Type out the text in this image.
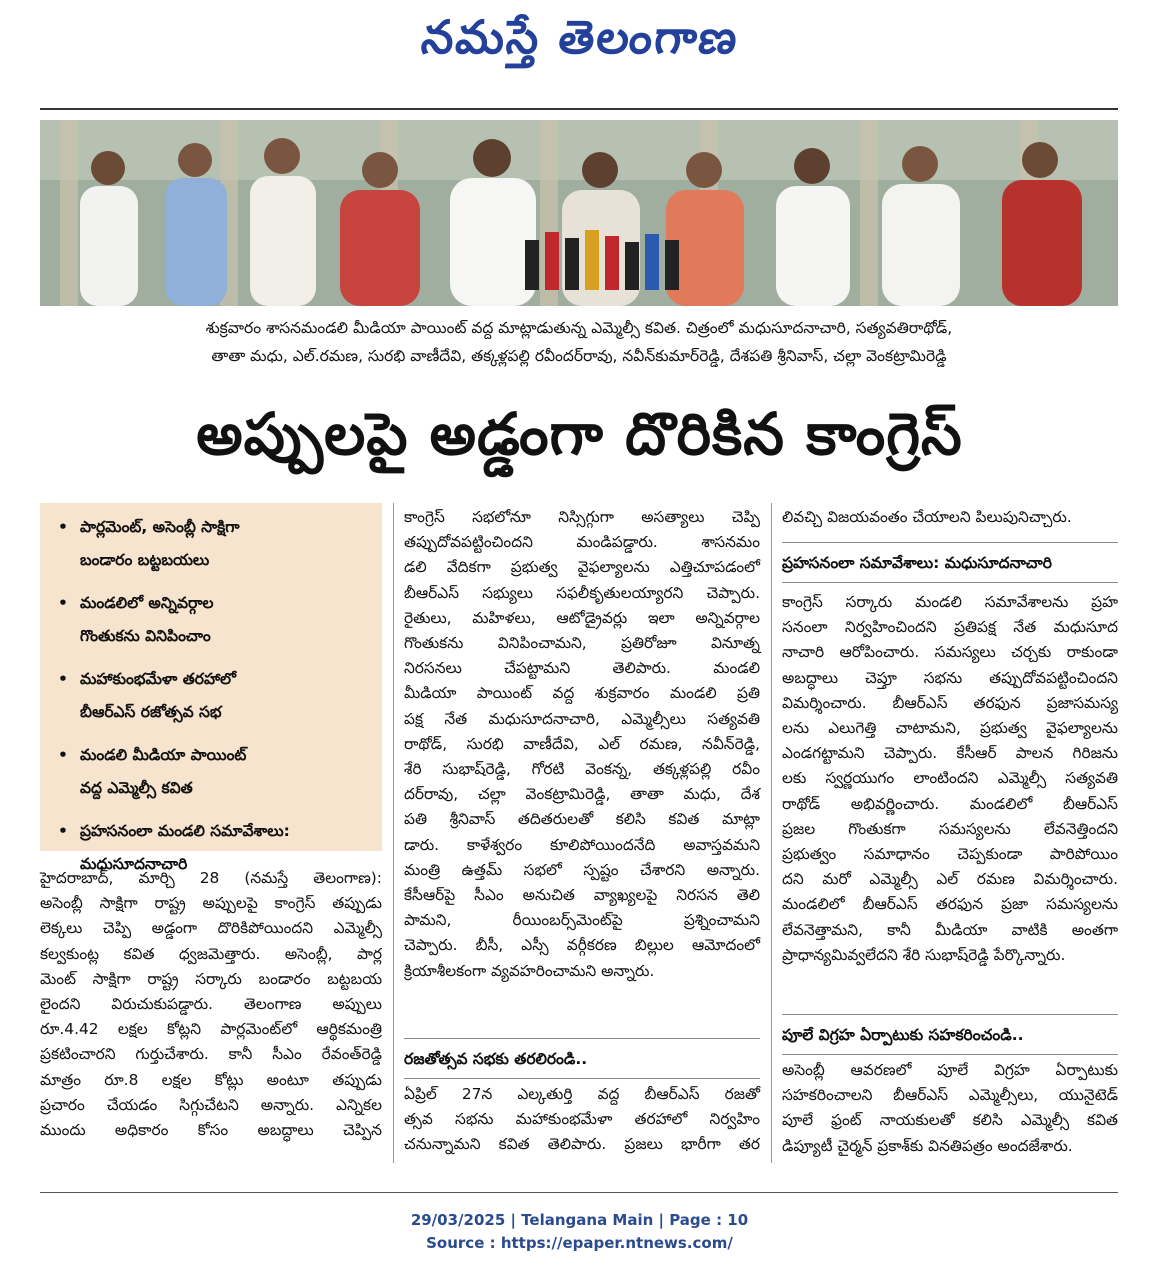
నమస్తే తెలంగాణ
శుక్రవారం శాసనమండలి మీడియా పాయింట్ వద్ద మాట్లాడుతున్న ఎమ్మెల్సీ కవిత. చిత్రంలో మధుసూదనాచారి, సత్యవతిరాథోడ్,
తాతా మధు, ఎల్.రమణ, సురభి వాణీదేవి, తక్కళ్లపల్లి రవీందర్‌రావు, నవీన్‌కుమార్‌రెడ్డి, దేశపతి శ్రీనివాస్, చల్లా వెంకట్రామిరెడ్డి
అప్పులపై అడ్డంగా దొరికిన కాంగ్రెస్
• పార్లమెంట్, అసెంబ్లీ సాక్షిగా
బండారం బట్టబయలు
• మండలిలో అన్నివర్గాల
గొంతుకను వినిపించాం
• మహాకుంభమేళా తరహాలో
బీఆర్‌ఎస్ రజోత్సవ సభ
• మండలి మీడియా పాయింట్
వద్ద ఎమ్మెల్సీ కవిత
• ప్రహసనంలా మండలి సమావేశాలు:
మధుసూదనాచారి
హైదరాబాద్, మార్చి 28 (నమస్తే తెలంగాణ):
అసెంబ్లీ సాక్షిగా రాష్ట్ర అప్పులపై కాంగ్రెస్ తప్పుడు
లెక్కలు చెప్పి అడ్డంగా దొరికిపోయిందని ఎమ్మెల్సీ
కల్వకుంట్ల కవిత ధ్వజమెత్తారు. అసెంబ్లీ, పార్ల
మెంట్ సాక్షిగా రాష్ట్ర సర్కారు బండారం బట్టబయ
లైందని విరుచుకుపడ్డారు. తెలంగాణ అప్పులు
రూ.4.42 లక్షల కోట్లని పార్లమెంట్‌లో ఆర్థికమంత్రి
ప్రకటించారని గుర్తుచేశారు. కానీ సీఎం రేవంత్‌రెడ్డి
మాత్రం రూ.8 లక్షల కోట్లు అంటూ తప్పుడు
ప్రచారం చేయడం సిగ్గుచేటని అన్నారు. ఎన్నికల
ముందు అధికారం కోసం అబద్ధాలు చెప్పిన
కాంగ్రెస్ సభలోనూ నిస్సిగ్గుగా అసత్యాలు చెప్పి
తప్పుదోవపట్టించిందని మండిపడ్డారు. శాసనమం
డలి వేదికగా ప్రభుత్వ వైఫల్యాలను ఎత్తిచూపడంలో
బీఆర్‌ఎస్ సభ్యులు సఫలీకృతులయ్యారని చెప్పారు.
రైతులు, మహిళలు, ఆటోడ్రైవర్లు ఇలా అన్నివర్గాల
గొంతుకను వినిపించామని, ప్రతిరోజూ వినూత్న
నిరసనలు చేపట్టామని తెలిపారు. మండలి
మీడియా పాయింట్ వద్ద శుక్రవారం మండలి ప్రతి
పక్ష నేత మధుసూదనాచారి, ఎమ్మెల్సీలు సత్యవతి
రాథోడ్, సురభి వాణీదేవి, ఎల్ రమణ, నవీన్‌రెడ్డి,
శేరి సుభాష్‌రెడ్డి, గోరటి వెంకన్న, తక్కళ్లపల్లి రవీం
దర్‌రావు, చల్లా వెంకట్రామిరెడ్డి, తాతా మధు, దేశ
పతి శ్రీనివాస్ తదితరులతో కలిసి కవిత మాట్లా
డారు. కాళేశ్వరం కూలిపోయిందనేది అవాస్తవమని
మంత్రి ఉత్తమ్ సభలో స్పష్టం చేశారని అన్నారు.
కేసీఆర్‌పై సీఎం అనుచిత వ్యాఖ్యలపై నిరసన తెలి
పామని, రీయింబర్స్‌మెంట్‌పై ప్రశ్నించామని
చెప్పారు. బీసీ, ఎస్సీ వర్గీకరణ బిల్లుల ఆమోదంలో
క్రియాశీలకంగా వ్యవహరించామని అన్నారు.
రజతోత్సవ సభకు తరలిరండి..
ఏప్రిల్ 27న ఎల్కతుర్తి వద్ద బీఆర్‌ఎస్ రజతో
త్సవ సభను మహాకుంభమేళా తరహాలో నిర్వహిం
చనున్నామని కవిత తెలిపారు. ప్రజలు భారీగా తర
లివచ్చి విజయవంతం చేయాలని పిలుపునిచ్చారు.
ప్రహసనంలా సమావేశాలు: మధుసూదనాచారి
కాంగ్రెస్ సర్కారు మండలి సమావేశాలను ప్రహ
సనంలా నిర్వహించిందని ప్రతిపక్ష నేత మధుసూద
నాచారి ఆరోపించారు. సమస్యలు చర్చకు రాకుండా
అబద్ధాలు చెప్తూ సభను తప్పుదోవపట్టించిందని
విమర్శించారు. బీఆర్‌ఎస్ తరఫున ప్రజాసమస్య
లను ఎలుగెత్తి చాటామని, ప్రభుత్వ వైఫల్యాలను
ఎండగట్టామని చెప్పారు. కేసీఆర్ పాలన గిరిజను
లకు స్వర్ణయుగం లాంటిందని ఎమ్మెల్సీ సత్యవతి
రాథోడ్ అభివర్ణించారు. మండలిలో బీఆర్‌ఎస్
ప్రజల గొంతుకగా సమస్యలను లేవనెత్తిందని
ప్రభుత్వం సమాధానం చెప్పకుండా పారిపోయిం
దని మరో ఎమ్మెల్సీ ఎల్ రమణ విమర్శించారు.
మండలిలో బీఆర్‌ఎస్ తరఫున ప్రజా సమస్యలను
లేవనెత్తామని, కానీ మీడియా వాటికి అంతగా
ప్రాధాన్యమివ్వలేదని శేరి సుభాష్‌రెడ్డి పేర్కొన్నారు.
పూలే విగ్రహ ఏర్పాటుకు సహకరించండి..
అసెంబ్లీ ఆవరణలో పూలే విగ్రహ ఏర్పాటుకు
సహకరించాలని బీఆర్‌ఎస్ ఎమ్మెల్సీలు, యునైటెడ్
పూలే ఫ్రంట్ నాయకులతో కలిసి ఎమ్మెల్సీ కవిత
డిప్యూటీ చైర్మన్ ప్రకాశ్‌కు వినతిపత్రం అందజేశారు.
29/03/2025 | Telangana Main | Page : 10
Source : https://epaper.ntnews.com/
